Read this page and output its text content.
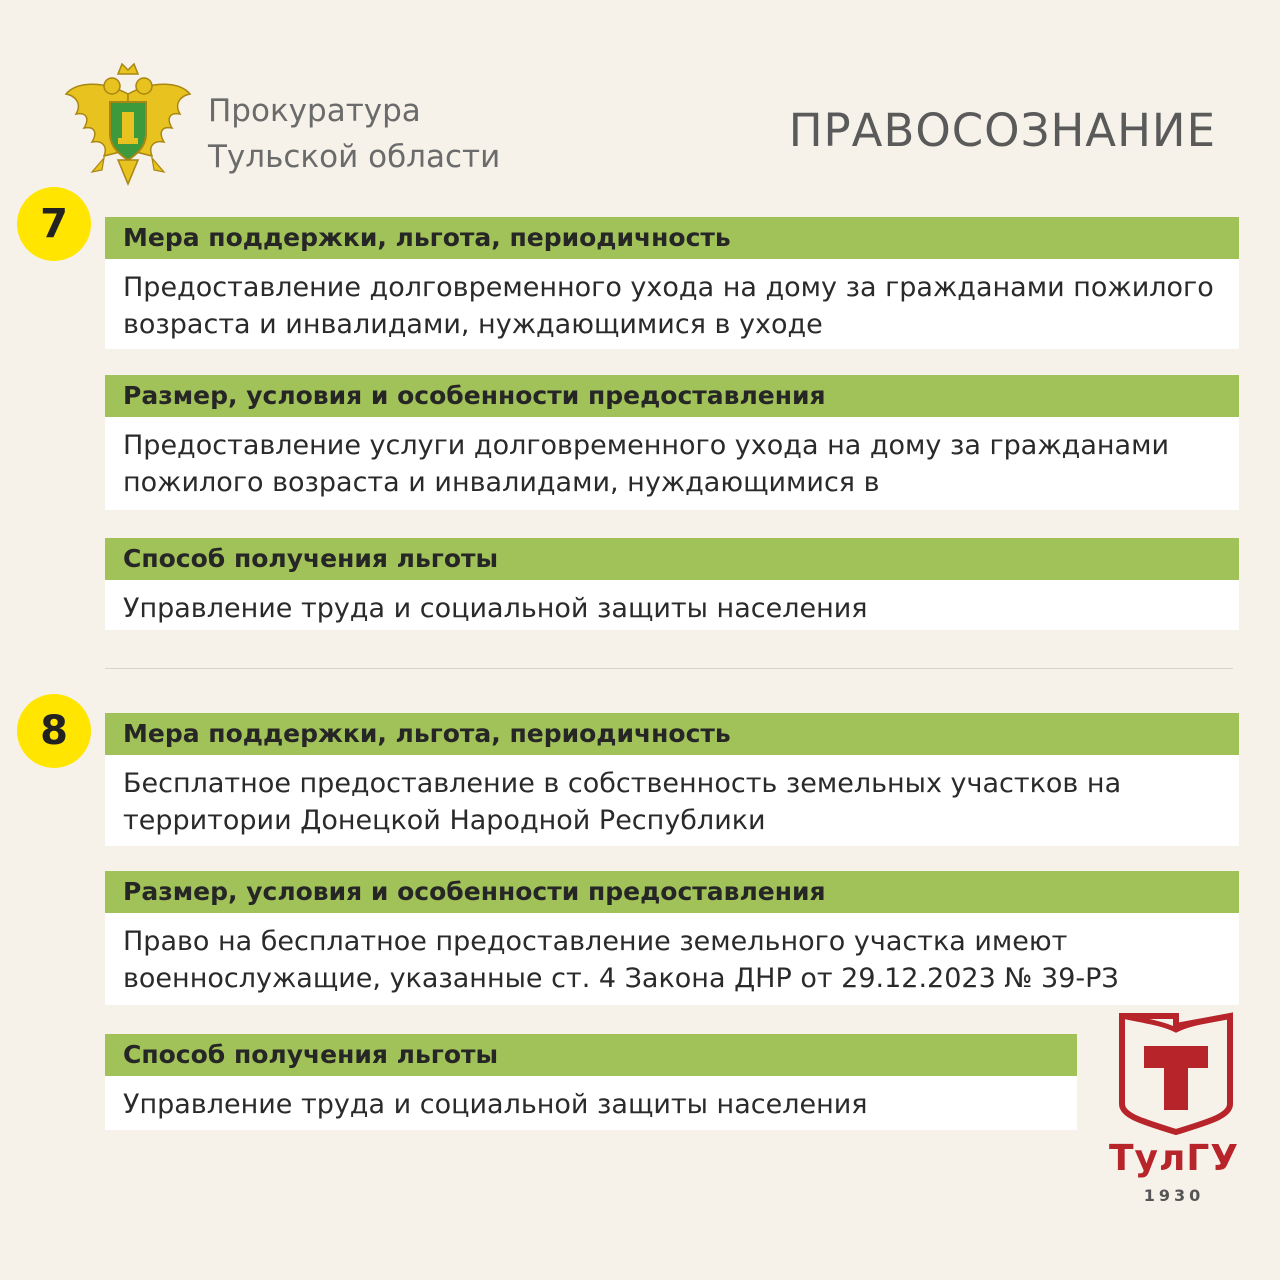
Прокуратура
Тульской области	ПРАВОСОЗНАНИЕ
7	Мера поддержки, льгота, периодичность
Предоставление долговременного ухода на дому за гражданами пожилого возраста и инвалидами, нуждающимися в уходе
Размер, условия и особенности предоставления
Предоставление услуги долговременного ухода на дому за гражданами пожилого возраста и инвалидами, нуждающимися в
Способ получения льготы
Управление труда и социальной защиты населения
8	Мера поддержки, льгота, периодичность
Бесплатное предоставление в собственность земельных участков на территории Донецкой Народной Республики
Размер, условия и особенности предоставления
Право на бесплатное предоставление земельного участка имеют военнослужащие, указанные ст. 4 Закона ДНР от 29.12.2023 № 39-РЗ
Способ получения льготы
Управление труда и социальной защиты населения
ТулГУ
1930
